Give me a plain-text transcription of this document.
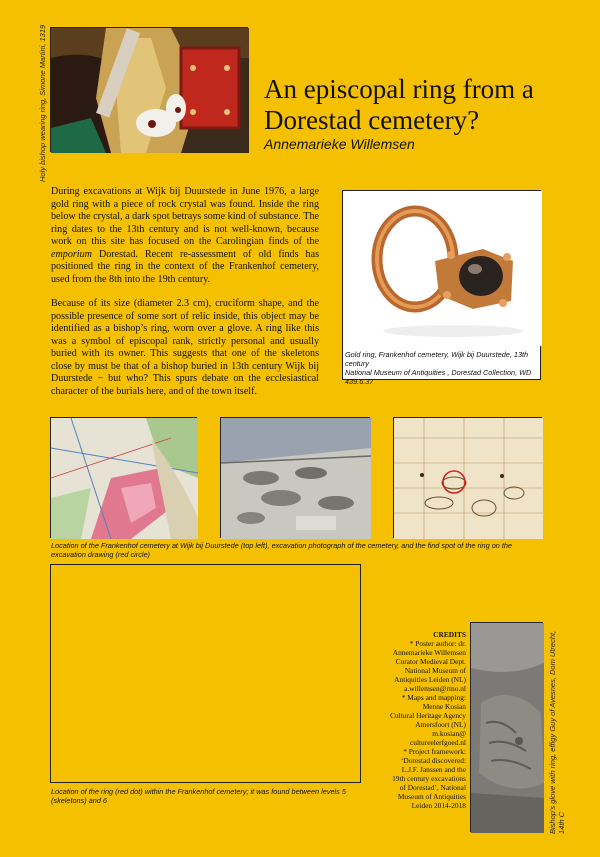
Holy bishop wearing ring, Simone Martini, 1319	An episcopal ring from a
Dorestad cemetery?
Annemarieke Willemsen

During excavations at Wijk bij Duurstede in June 1976, a large gold ring with a piece of rock crystal was found. Inside the ring below the crystal, a dark spot betrays some kind of substance. The ring dates to the 13th century and is not well-known, because work on this site has focused on the Carolingian finds of the emporium Dorestad. Recent re-assessment of old finds has positioned the ring in the context of the Frankenhof cemetery, used from the 8th into the 19th century.

Because of its size (diameter 2.3 cm), cruciform shape, and the possible presence of some sort of relic inside, this object may be identified as a bishop’s ring, worn over a glove. A ring like this was a symbol of episcopal rank, strictly personal and usually buried with its owner. This suggests that one of the skeletons close by must be that of a bishop buried in 13th century Wijk bij Duurstede − but who? This spurs debate on the ecclesiastical character of the burials here, and of the town itself.

Gold ring, Frankenhof cemetery, Wijk bij Duurstede, 13th century
National Museum of Antiquities , Dorestad Collection, WD 439.6.37
Location of the Frankenhof cemetery at Wijk bij Duurstede (top left), excavation photograph of the cemetery, and the find spot of the ring on the excavation drawing (red circle)
Location of the ring (red dot) within the Frankenhof cemetery; it was found between levels 5 (skeletons) and 6
CREDITS
* Poster author: dr.
Annemarieke Willemsen
Curator Medieval Dept.
National Museum of
Antiquities Leiden (NL)
a.willemsen@rmo.nl
* Maps and mapping:
Menne Kosian
Cultural Heritage Agency
Amersfoort (NL)
m.kosian@
cultureelerfgoed.nl
* Project framework:
‘Dorestad discovered:
L.J.F. Janssen and the
19th century excavations
of Dorestad’, National
Museum of Antiquities
Leiden 2014-2018	Bishop's glove with ring, effigy Guy of Avesnes, Dom Utrecht, 14th C
